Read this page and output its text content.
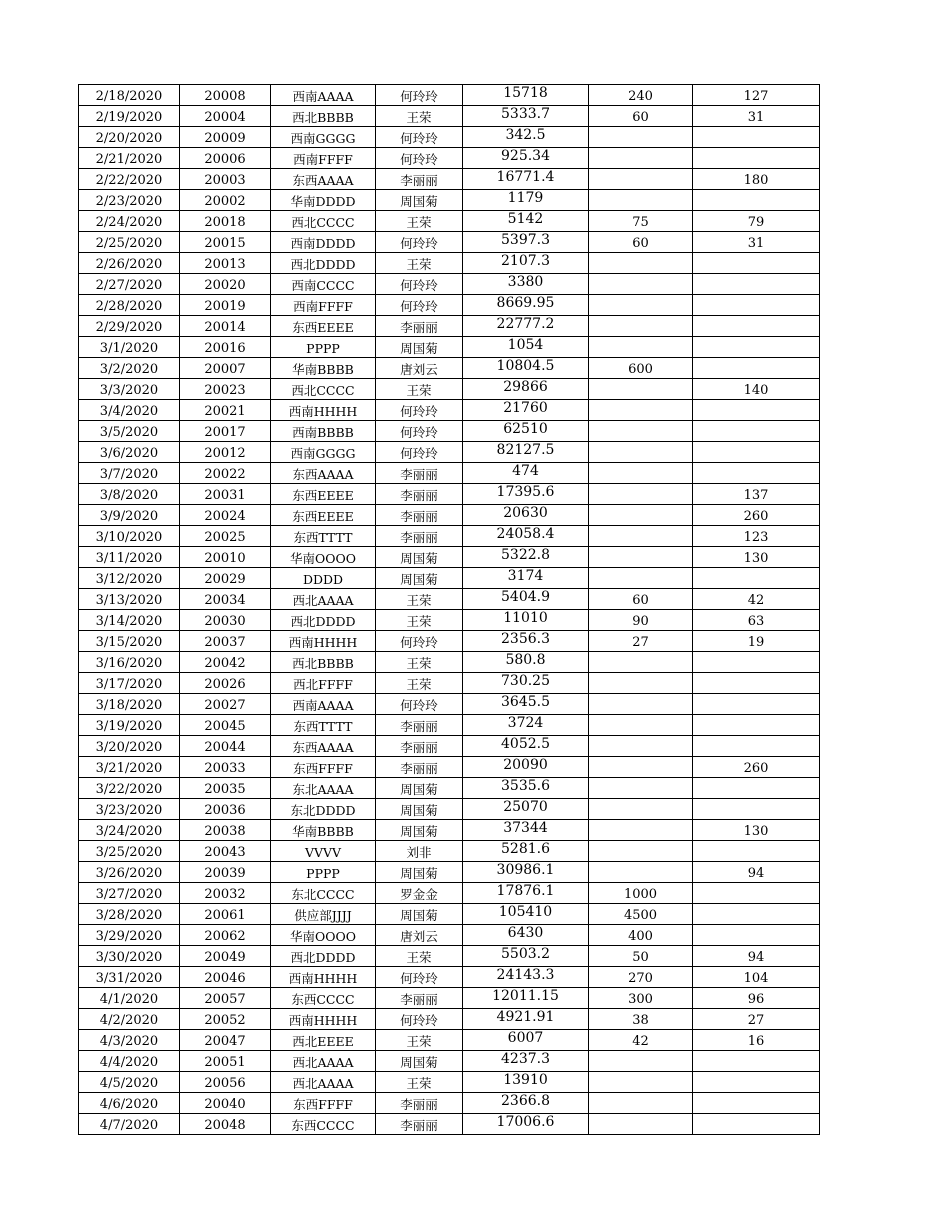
2/18/2020	20008	西南AAAA	何玲玲	15718	240	127
2/19/2020	20004	西北BBBB	王荣	5333.7	60	31
2/20/2020	20009	西南GGGG	何玲玲	342.5		
2/21/2020	20006	西南FFFF	何玲玲	925.34		
2/22/2020	20003	东西AAAA	李丽丽	16771.4		180
2/23/2020	20002	华南DDDD	周国菊	1179		
2/24/2020	20018	西北CCCC	王荣	5142	75	79
2/25/2020	20015	西南DDDD	何玲玲	5397.3	60	31
2/26/2020	20013	西北DDDD	王荣	2107.3		
2/27/2020	20020	西南CCCC	何玲玲	3380		
2/28/2020	20019	西南FFFF	何玲玲	8669.95		
2/29/2020	20014	东西EEEE	李丽丽	22777.2		
3/1/2020	20016	PPPP	周国菊	1054		
3/2/2020	20007	华南BBBB	唐刘云	10804.5	600	
3/3/2020	20023	西北CCCC	王荣	29866		140
3/4/2020	20021	西南HHHH	何玲玲	21760		
3/5/2020	20017	西南BBBB	何玲玲	62510		
3/6/2020	20012	西南GGGG	何玲玲	82127.5		
3/7/2020	20022	东西AAAA	李丽丽	474		
3/8/2020	20031	东西EEEE	李丽丽	17395.6		137
3/9/2020	20024	东西EEEE	李丽丽	20630		260
3/10/2020	20025	东西TTTT	李丽丽	24058.4		123
3/11/2020	20010	华南OOOO	周国菊	5322.8		130
3/12/2020	20029	DDDD	周国菊	3174		
3/13/2020	20034	西北AAAA	王荣	5404.9	60	42
3/14/2020	20030	西北DDDD	王荣	11010	90	63
3/15/2020	20037	西南HHHH	何玲玲	2356.3	27	19
3/16/2020	20042	西北BBBB	王荣	580.8		
3/17/2020	20026	西北FFFF	王荣	730.25		
3/18/2020	20027	西南AAAA	何玲玲	3645.5		
3/19/2020	20045	东西TTTT	李丽丽	3724		
3/20/2020	20044	东西AAAA	李丽丽	4052.5		
3/21/2020	20033	东西FFFF	李丽丽	20090		260
3/22/2020	20035	东北AAAA	周国菊	3535.6		
3/23/2020	20036	东北DDDD	周国菊	25070		
3/24/2020	20038	华南BBBB	周国菊	37344		130
3/25/2020	20043	VVVV	刘非	5281.6		
3/26/2020	20039	PPPP	周国菊	30986.1		94
3/27/2020	20032	东北CCCC	罗金金	17876.1	1000	
3/28/2020	20061	供应部JJJJ	周国菊	105410	4500	
3/29/2020	20062	华南OOOO	唐刘云	6430	400	
3/30/2020	20049	西北DDDD	王荣	5503.2	50	94
3/31/2020	20046	西南HHHH	何玲玲	24143.3	270	104
4/1/2020	20057	东西CCCC	李丽丽	12011.15	300	96
4/2/2020	20052	西南HHHH	何玲玲	4921.91	38	27
4/3/2020	20047	西北EEEE	王荣	6007	42	16
4/4/2020	20051	西北AAAA	周国菊	4237.3		
4/5/2020	20056	西北AAAA	王荣	13910		
4/6/2020	20040	东西FFFF	李丽丽	2366.8		
4/7/2020	20048	东西CCCC	李丽丽	17006.6		
